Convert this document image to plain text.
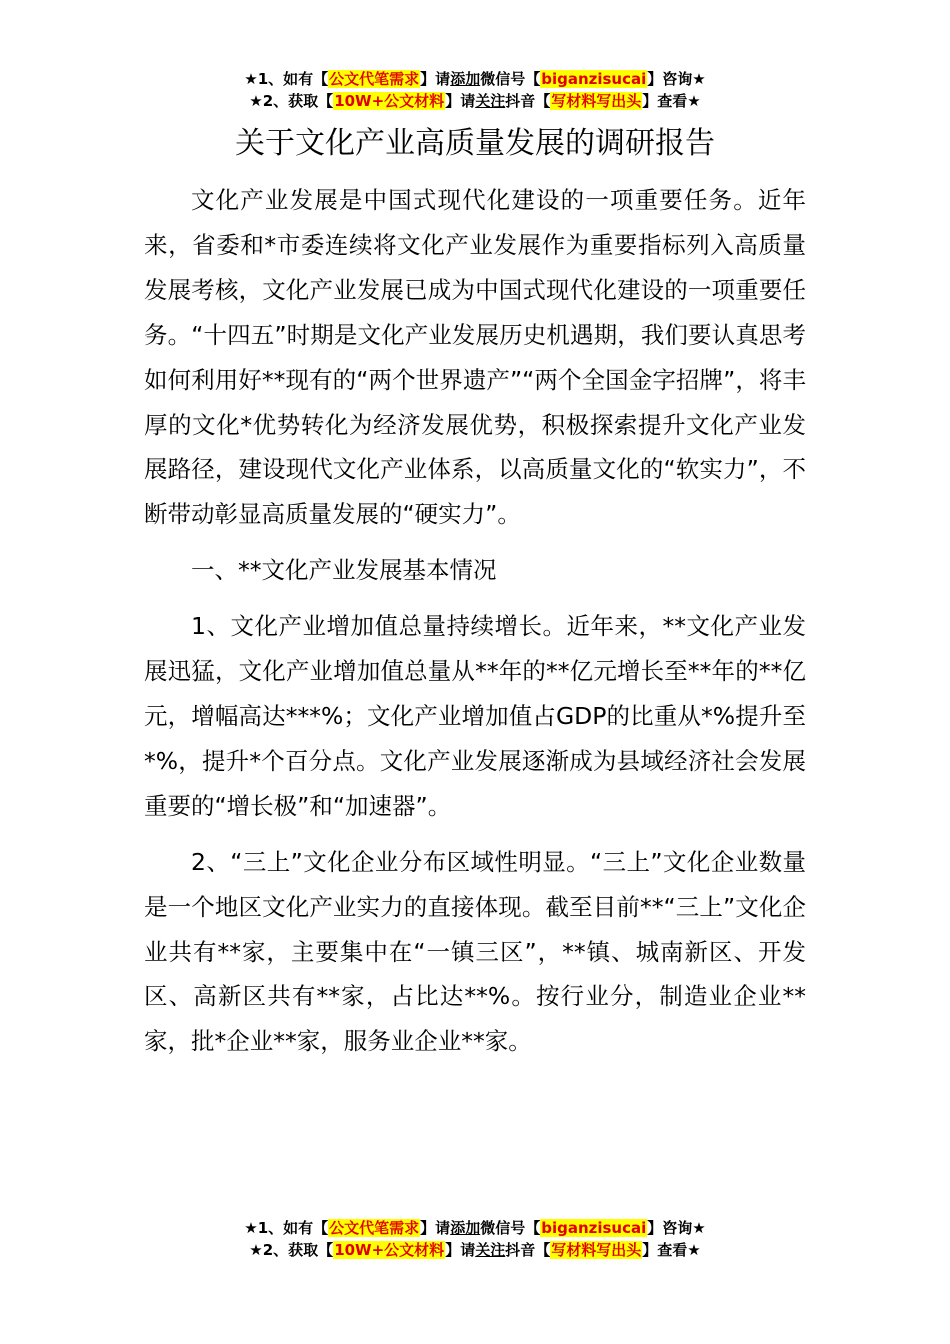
★1、如有【公文代笔需求】请添加微信号【biganzisucai】咨询★
★2、获取【10W+公文材料】请关注抖音【写材料写出头】查看★
关于文化产业高质量发展的调研报告

文化产业发展是中国式现代化建设的一项重要任务。近年来，省委和*市委连续将文化产业发展作为重要指标列入高质量发展考核，文化产业发展已成为中国式现代化建设的一项重要任务。“十四五”时期是文化产业发展历史机遇期，我们要认真思考如何利用好**现有的“两个世界遗产”“两个全国金字招牌”，将丰厚的文化*优势转化为经济发展优势，积极探索提升文化产业发展路径，建设现代文化产业体系，以高质量文化的“软实力”，不断带动彰显高质量发展的“硬实力”。

一、**文化产业发展基本情况

1、文化产业增加值总量持续增长。近年来，**文化产业发展迅猛，文化产业增加值总量从**年的**亿元增长至**年的**亿元，增幅高达***%；文化产业增加值占GDP的比重从*%提升至*%，提升*个百分点。文化产业发展逐渐成为县域经济社会发展重要的“增长极”和“加速器”。

2、“三上”文化企业分布区域性明显。“三上”文化企业数量是一个地区文化产业实力的直接体现。截至目前**“三上”文化企业共有**家，主要集中在“一镇三区”，**镇、城南新区、开发区、高新区共有**家，占比达**%。按行业分，制造业企业**家，批*企业**家，服务业企业**家。

★1、如有【公文代笔需求】请添加微信号【biganzisucai】咨询★
★2、获取【10W+公文材料】请关注抖音【写材料写出头】查看★
